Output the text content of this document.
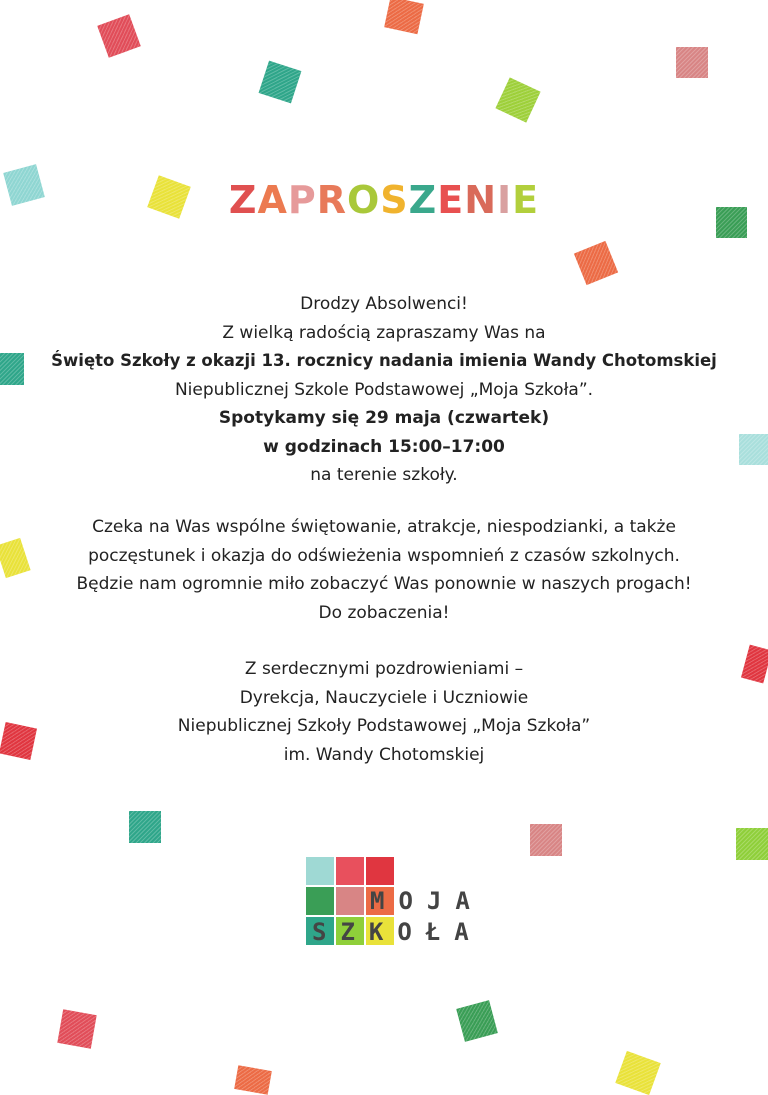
ZAPROSZENIE

Drodzy Absolwenci!

Z wielką radością zapraszamy Was na

Święto Szkoły z okazji 13. rocznicy nadania imienia Wandy Chotomskiej

Niepublicznej Szkole Podstawowej „Moja Szkoła”.

Spotykamy się 29 maja (czwartek)

w godzinach 15:00–17:00

na terenie szkoły.

Czeka na Was wspólne świętowanie, atrakcje, niespodzianki, a także

poczęstunek i okazja do odświeżenia wspomnień z czasów szkolnych.

Będzie nam ogromnie miło zobaczyć Was ponownie w naszych progach!

Do zobaczenia!

Z serdecznymi pozdrowieniami –

Dyrekcja, Nauczyciele i Uczniowie

Niepublicznej Szkoły Podstawowej „Moja Szkoła”

im. Wandy Chotomskiej

MOJA
SZKOŁA
